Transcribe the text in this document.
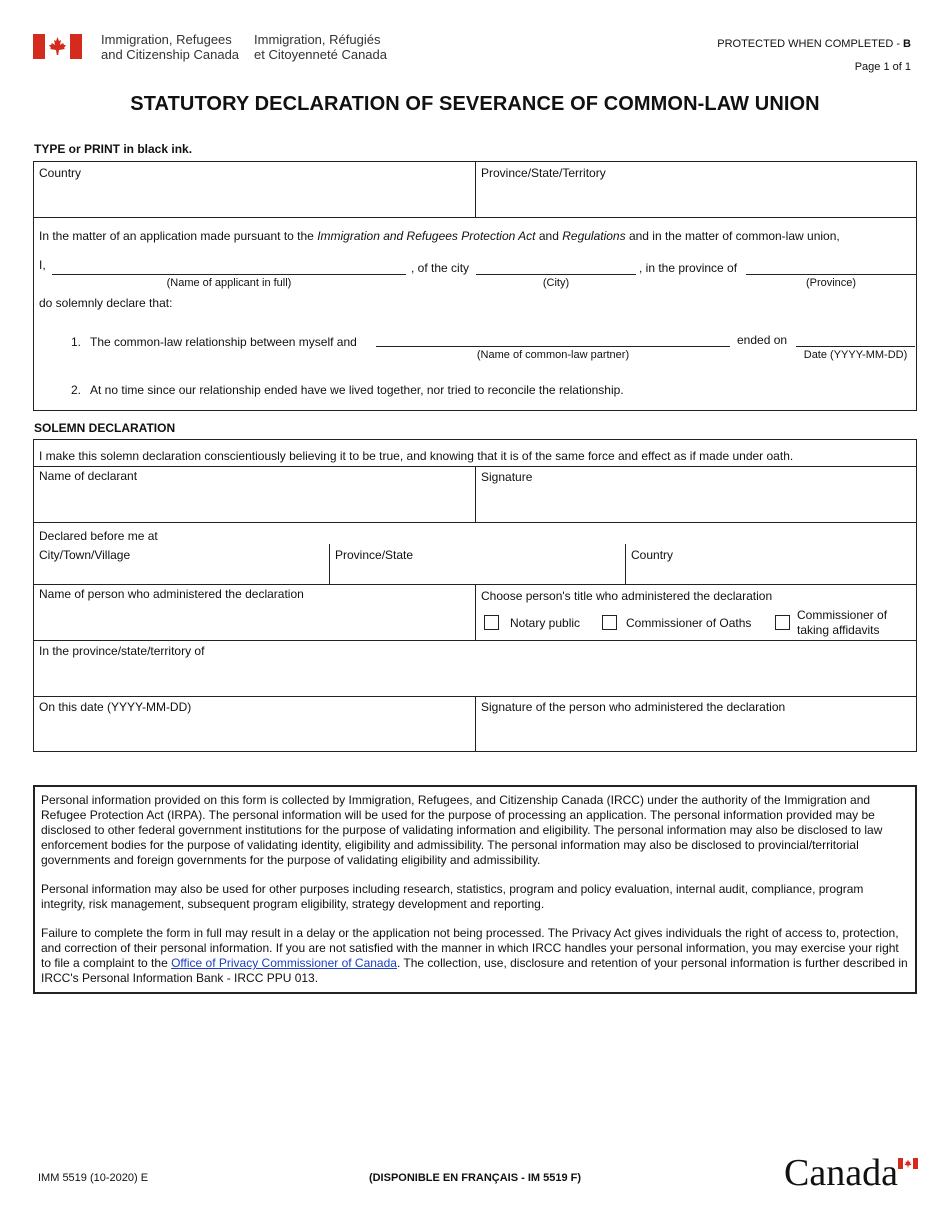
Immigration, Refugees
and Citizenship Canada
Immigration, Réfugiés
et Citoyenneté Canada
PROTECTED WHEN COMPLETED - B
Page 1 of 1
STATUTORY DECLARATION OF SEVERANCE OF COMMON-LAW UNION
TYPE or PRINT in black ink.
Country	Province/State/Territory
In the matter of an application made pursuant to the Immigration and Refugees Protection Act and Regulations and in the matter of common-law union,
I,	, of the city	, in the province of
(Name of applicant in full)	(City)	(Province)
do solemnly declare that:
1. The common-law relationship between myself and	ended on
(Name of common-law partner)	Date (YYYY-MM-DD)
2. At no time since our relationship ended have we lived together, nor tried to reconcile the relationship.
SOLEMN DECLARATION
I make this solemn declaration conscientiously believing it to be true, and knowing that it is of the same force and effect as if made under oath.
Name of declarant	Signature
Declared before me at
City/Town/Village	Province/State	Country
Name of person who administered the declaration	Choose person's title who administered the declaration
Notary public	Commissioner of Oaths
Commissioner of
taking affidavits
In the province/state/territory of
On this date (YYYY-MM-DD)	Signature of the person who administered the declaration

Personal information provided on this form is collected by Immigration, Refugees, and Citizenship Canada (IRCC) under the authority of the Immigration and Refugee Protection Act (IRPA). The personal information will be used for the purpose of processing an application. The personal information provided may be disclosed to other federal government institutions for the purpose of validating information and eligibility. The personal information may also be disclosed to law enforcement bodies for the purpose of validating identity, eligibility and admissibility. The personal information may also be disclosed to provincial/territorial governments and foreign governments for the purpose of validating eligibility and admissibility.

Personal information may also be used for other purposes including research, statistics, program and policy evaluation, internal audit, compliance, program integrity, risk management, subsequent program eligibility, strategy development and reporting.

Failure to complete the form in full may result in a delay or the application not being processed. The Privacy Act gives individuals the right of access to, protection, and correction of their personal information. If you are not satisfied with the manner in which IRCC handles your personal information, you may exercise your right to file a complaint to the Office of Privacy Commissioner of Canada. The collection, use, disclosure and retention of your personal information is further described in IRCC's Personal Information Bank - IRCC PPU 013.

IMM 5519 (10-2020) E	(DISPONIBLE EN FRANÇAIS - IM 5519 F)	Canada
